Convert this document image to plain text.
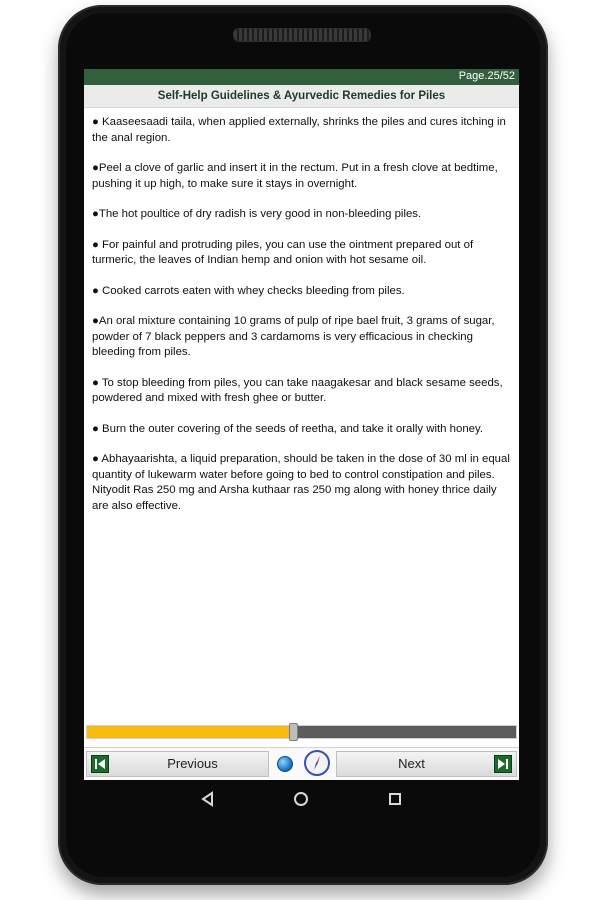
Page.25/52
Self-Help Guidelines & Ayurvedic Remedies for Piles

● Kaaseesaadi taila, when applied externally, shrinks the piles and cures itching in the anal region.

●Peel a clove of garlic and insert it in the rectum. Put in a fresh clove at bedtime, pushing it up high, to make sure it stays in overnight.

●The hot poultice of dry radish is very good in non-bleeding piles.

● For painful and protruding piles, you can use the ointment prepared out of turmeric, the leaves of Indian hemp and onion with hot sesame oil.

● Cooked carrots eaten with whey checks bleeding from piles.

●An oral mixture containing 10 grams of pulp of ripe bael fruit, 3 grams of sugar, powder of 7 black peppers and 3 cardamoms is very efficacious in checking bleeding from piles.

● To stop bleeding from piles, you can take naagakesar and black sesame seeds, powdered and mixed with fresh ghee or butter.

● Burn the outer covering of the seeds of reetha, and take it orally with honey.

● Abhayaarishta, a liquid preparation, should be taken in the dose of 30 ml in equal quantity of lukewarm water before going to bed to control constipation and piles. Nityodit Ras 250 mg and Arsha kuthaar ras 250 mg along with honey thrice daily are also effective.

Previous	Next
